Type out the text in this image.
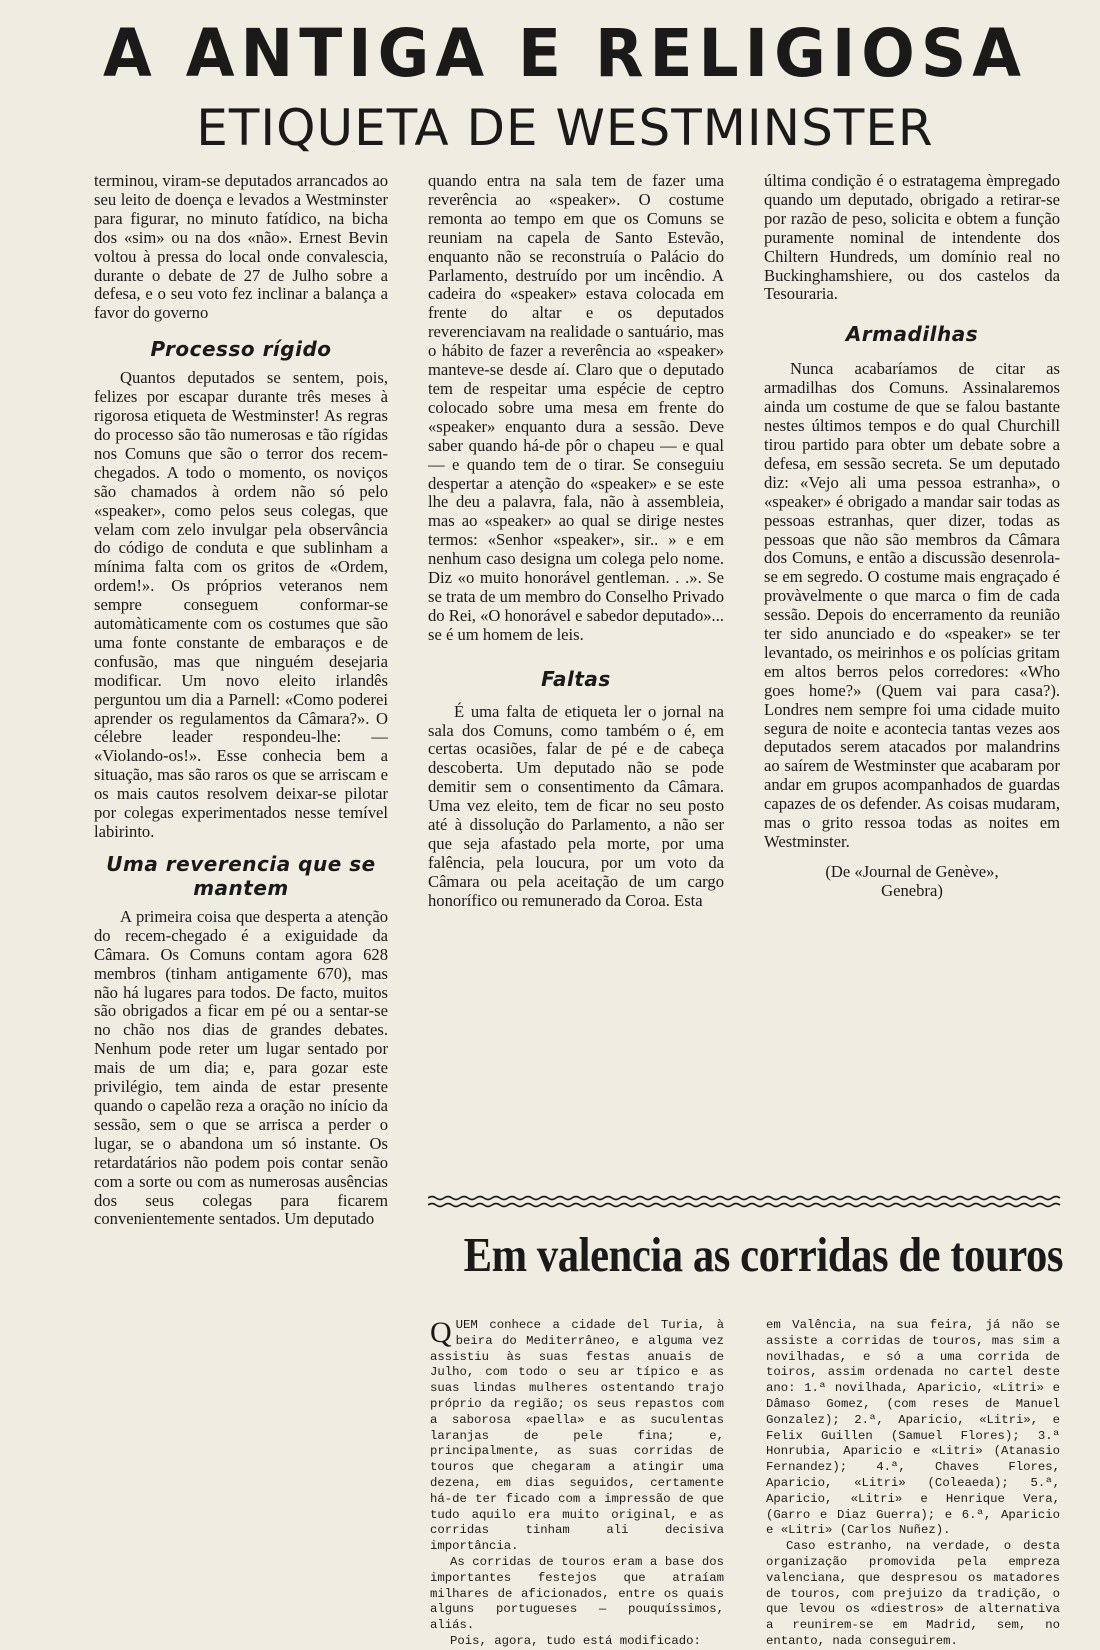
A ANTIGA E RELIGIOSA
ETIQUETA DE WESTMINSTER

terminou, viram-se deputados arrancados ao seu leito de doença e levados a Westminster para figurar, no minuto fatídico, na bicha dos «sim» ou na dos «não». Ernest Bevin voltou à pressa do local onde convalescia, durante o debate de 27 de Julho sobre a defesa, e o seu voto fez inclinar a balança a favor do governo

Processo rígido

Quantos deputados se sentem, pois, felizes por escapar durante três meses à rigorosa etiqueta de Westminster! As regras do processo são tão numerosas e tão rígidas nos Comuns que são o terror dos recem-chegados. A todo o momento, os noviços são chamados à ordem não só pelo «speaker», como pelos seus colegas, que velam com zelo invulgar pela observância do código de conduta e que sublinham a mínima falta com os gritos de «Ordem, ordem!». Os próprios veteranos nem sempre conseguem conformar-se automàticamente com os costumes que são uma fonte constante de embaraços e de confusão, mas que ninguém desejaria modificar. Um novo eleito irlandês perguntou um dia a Parnell: «Como poderei aprender os regulamentos da Câmara?». O célebre leader respondeu-lhe: — «Violando-os!». Esse conhecia bem a situação, mas são raros os que se arriscam e os mais cautos resolvem deixar-se pilotar por colegas experimentados nesse temível labirinto.

Uma reverencia que se mantem

A primeira coisa que desperta a atenção do recem-chegado é a exiguidade da Câmara. Os Comuns contam agora 628 membros (tinham antigamente 670), mas não há lugares para todos. De facto, muitos são obrigados a ficar em pé ou a sentar-se no chão nos dias de grandes debates. Nenhum pode reter um lugar sentado por mais de um dia; e, para gozar este privilégio, tem ainda de estar presente quando o capelão reza a oração no início da sessão, sem o que se arrisca a perder o lugar, se o abandona um só instante. Os retardatários não podem pois contar senão com a sorte ou com as numerosas ausências dos seus colegas para ficarem convenientemente sentados. Um deputado

quando entra na sala tem de fazer uma reverência ao «speaker». O costume remonta ao tempo em que os Comuns se reuniam na capela de Santo Estevão, enquanto não se reconstruía o Palácio do Parlamento, destruído por um incêndio. A cadeira do «speaker» estava colocada em frente do altar e os deputados reverenciavam na realidade o santuário, mas o hábito de fazer a reverência ao «speaker» manteve-se desde aí. Claro que o deputado tem de respeitar uma espécie de ceptro colocado sobre uma mesa em frente do «speaker» enquanto dura a sessão. Deve saber quando há-de pôr o chapeu — e qual — e quando tem de o tirar. Se conseguiu despertar a atenção do «speaker» e se este lhe deu a palavra, fala, não à assembleia, mas ao «speaker» ao qual se dirige nestes termos: «Senhor «speaker», sir.. » e em nenhum caso designa um colega pelo nome. Diz «o muito honorável gentleman. . .». Se se trata de um membro do Conselho Privado do Rei, «O honorável e sabedor deputado»... se é um homem de leis.

Faltas

É uma falta de etiqueta ler o jornal na sala dos Comuns, como também o é, em certas ocasiões, falar de pé e de cabeça descoberta. Um deputado não se pode demitir sem o consentimento da Câmara. Uma vez eleito, tem de ficar no seu posto até à dissolução do Parlamento, a não ser que seja afastado pela morte, por uma falência, pela loucura, por um voto da Câmara ou pela aceitação de um cargo honorífico ou remunerado da Coroa. Esta

última condição é o estratagema èmpregado quando um deputado, obrigado a retirar-se por razão de peso, solicita e obtem a função puramente nominal de intendente dos Chiltern Hundreds, um domínio real no Buckinghamshiere, ou dos castelos da Tesouraria.

Armadilhas

Nunca acabaríamos de citar as armadilhas dos Comuns. Assinalaremos ainda um costume de que se falou bastante nestes últimos tempos e do qual Churchill tirou partido para obter um debate sobre a defesa, em sessão secreta. Se um deputado diz: «Vejo ali uma pessoa estranha», o «speaker» é obrigado a mandar sair todas as pessoas estranhas, quer dizer, todas as pessoas que não são membros da Câmara dos Comuns, e então a discussão desenrola-se em segredo. O costume mais engraçado é provàvelmente o que marca o fim de cada sessão. Depois do encerramento da reunião ter sido anunciado e do «speaker» se ter levantado, os meirinhos e os polícias gritam em altos berros pelos corredores: «Who goes home?» (Quem vai para casa?). Londres nem sempre foi uma cidade muito segura de noite e acontecia tantas vezes aos deputados serem atacados por malandrins ao saírem de Westminster que acabaram por andar em grupos acompanhados de guardas capazes de os defender. As coisas mudaram, mas o grito ressoa todas as noites em Westminster.

(De «Journal de Genève»,
Genebra)
Em valencia as corridas de touros

QUEM conhece a cidade del Turia, à beira do Mediterrâneo, e alguma vez assistiu às suas festas anuais de Julho, com todo o seu ar típico e as suas lindas mulheres ostentando trajo próprio da região; os seus repastos com a saborosa «paella» e as suculentas laranjas de pele fina; e, principalmente, as suas corridas de touros que chegaram a atingir uma dezena, em dias seguidos, certamente há-de ter ficado com a impressão de que tudo aquilo era muito original, e as corridas tinham ali decisiva importância.

As corridas de touros eram a base dos importantes festejos que atraíam milhares de aficionados, entre os quais alguns portugueses — pouquíssimos, aliás.

Pois, agora, tudo está modificado:

em Valência, na sua feira, já não se assiste a corridas de touros, mas sim a novilhadas, e só a uma corrida de toiros, assim ordenada no cartel deste ano: 1.ª novilhada, Aparicio, «Litri» e Dâmaso Gomez, (com reses de Manuel Gonzalez); 2.ª, Aparicio, «Litri», e Felix Guillen (Samuel Flores); 3.ª Honrubia, Aparicio e «Litri» (Atanasio Fernandez); 4.ª, Chaves Flores, Aparicio, «Litri» (Coleaeda); 5.ª, Aparicio, «Litri» e Henrique Vera, (Garro e Diaz Guerra); e 6.ª, Aparicio e «Litri» (Carlos Nuñez).

Caso estranho, na verdade, o desta organização promovida pela empreza valenciana, que despresou os matadores de touros, com prejuizo da tradição, o que levou os «diestros» de alternativa a reunirem-se em Madrid, sem, no entanto, nada conseguirem.
